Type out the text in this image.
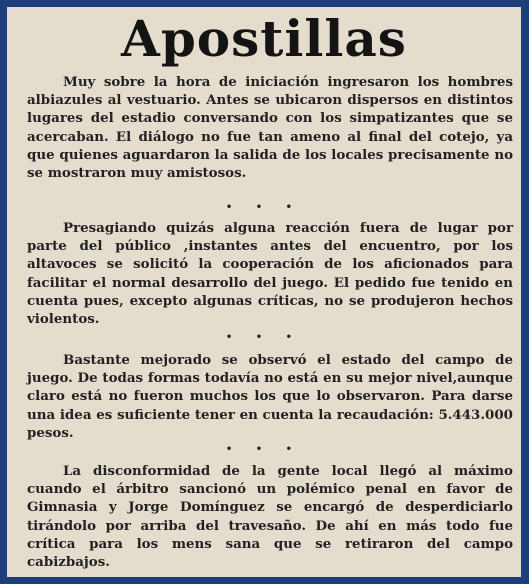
Apostillas

Muy sobre la hora de iniciación ingresaron los hombres albiazules al vestuario. Antes se ubicaron dispersos en distintos lugares del estadio conversando con los simpatizantes que se acercaban. El diálogo no fue tan ameno al final del cotejo, ya que quienes aguardaron la salida de los locales precisamente no se mostraron muy amistosos.

• • •

Presagiando quizás alguna reacción fuera de lugar por parte del público ,instantes antes del encuentro, por los altavoces se solicitó la cooperación de los aficionados para facilitar el normal desarrollo del juego. El pedido fue tenido en cuenta pues, excepto algunas críticas, no se produjeron hechos violentos.

• • •

Bastante mejorado se observó el estado del campo de juego. De todas formas todavía no está en su mejor nivel,aunque claro está no fueron muchos los que lo observaron. Para darse una idea es suficiente tener en cuenta la recaudación: 5.443.000 pesos.

• • •

La disconformidad de la gente local llegó al máximo cuando el árbitro sancionó un polémico penal en favor de Gimnasia y Jorge Domínguez se encargó de desperdiciarlo tirándolo por arriba del travesaño. De ahí en más todo fue crítica para los mens sana que se retiraron del campo cabizbajos.
